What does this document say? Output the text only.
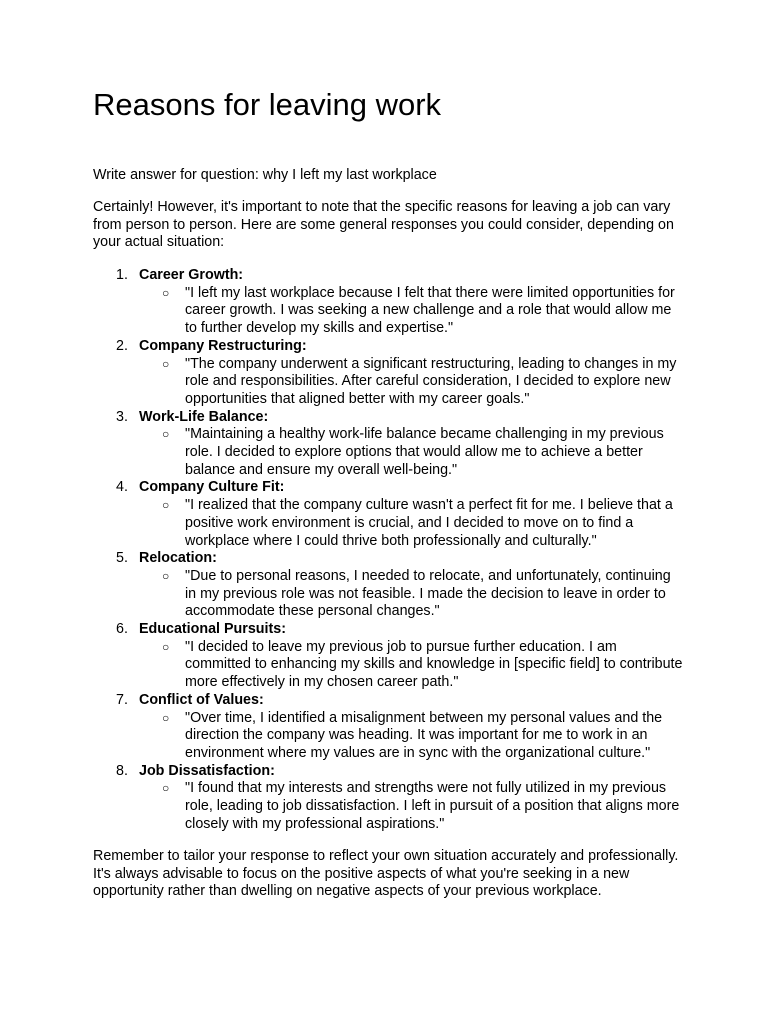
Reasons for leaving work
Write answer for question: why I left my last workplace
Certainly! However, it's important to note that the specific reasons for leaving a job can vary from person to person. Here are some general responses you could consider, depending on your actual situation:
1. Career Growth:
○ "I left my last workplace because I felt that there were limited opportunities for career growth. I was seeking a new challenge and a role that would allow me to further develop my skills and expertise."
2. Company Restructuring:
○ "The company underwent a significant restructuring, leading to changes in my role and responsibilities. After careful consideration, I decided to explore new opportunities that aligned better with my career goals."
3. Work-Life Balance:
○ "Maintaining a healthy work-life balance became challenging in my previous role. I decided to explore options that would allow me to achieve a better balance and ensure my overall well-being."
4. Company Culture Fit:
○ "I realized that the company culture wasn't a perfect fit for me. I believe that a positive work environment is crucial, and I decided to move on to find a workplace where I could thrive both professionally and culturally."
5. Relocation:
○ "Due to personal reasons, I needed to relocate, and unfortunately, continuing in my previous role was not feasible. I made the decision to leave in order to accommodate these personal changes."
6. Educational Pursuits:
○ "I decided to leave my previous job to pursue further education. I am committed to enhancing my skills and knowledge in [specific field] to contribute more effectively in my chosen career path."
7. Conflict of Values:
○ "Over time, I identified a misalignment between my personal values and the direction the company was heading. It was important for me to work in an environment where my values are in sync with the organizational culture."
8. Job Dissatisfaction:
○ "I found that my interests and strengths were not fully utilized in my previous role, leading to job dissatisfaction. I left in pursuit of a position that aligns more closely with my professional aspirations."
Remember to tailor your response to reflect your own situation accurately and professionally. It's always advisable to focus on the positive aspects of what you're seeking in a new opportunity rather than dwelling on negative aspects of your previous workplace.
